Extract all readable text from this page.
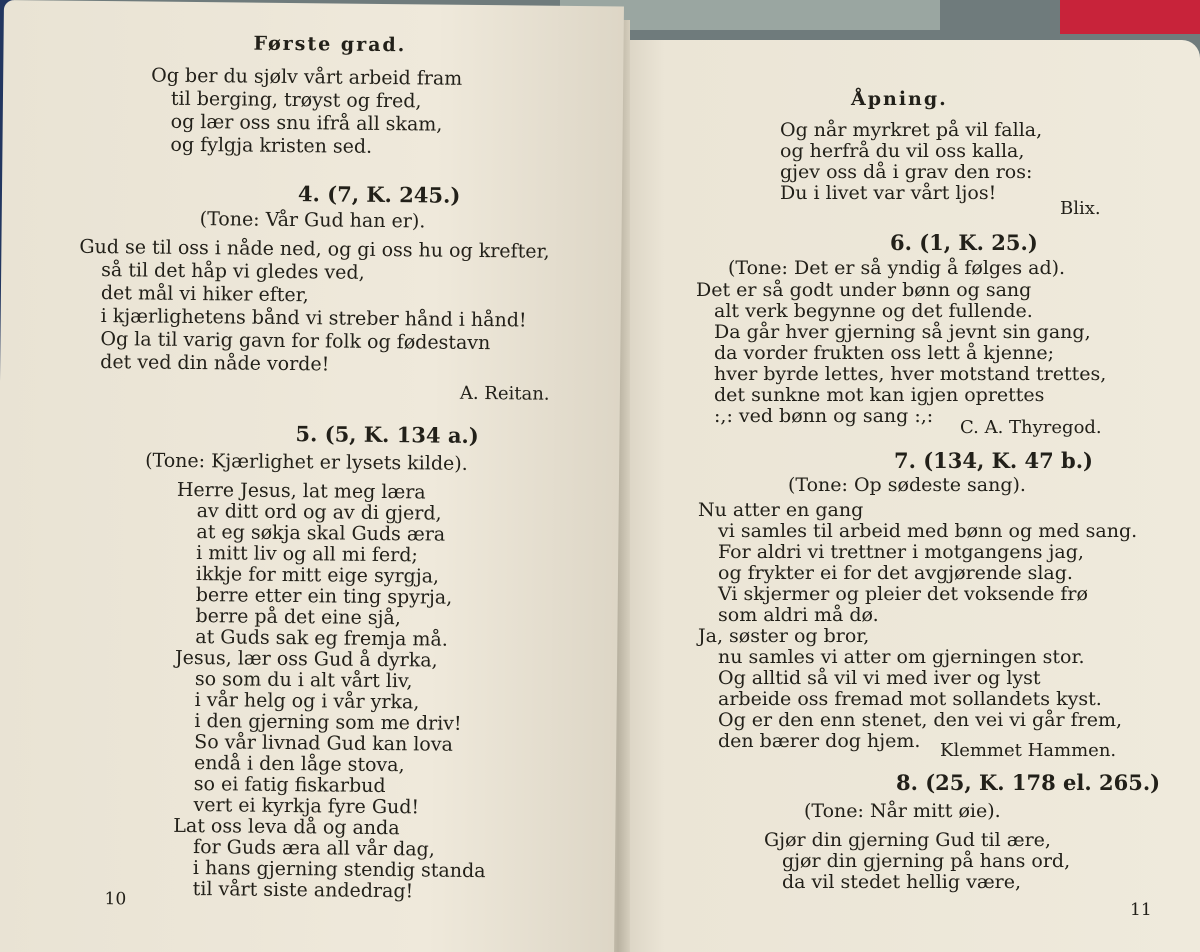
Åpning.
Og når myrkret på vil falla,
og herfrå du vil oss kalla,
gjev oss då i grav den ros:
Du i livet var vårt ljos!
Blix.
6. (1, K. 25.)
(Tone: Det er så yndig å følges ad).
Det er så godt under bønn og sang
alt verk begynne og det fullende.
Da går hver gjerning så jevnt sin gang,
da vorder frukten oss lett å kjenne;
hver byrde lettes, hver motstand trettes,
det sunkne mot kan igjen oprettes
:,: ved bønn og sang :,:
C. A. Thyregod.
7. (134, K. 47 b.)
(Tone: Op sødeste sang).
Nu atter en gang
vi samles til arbeid med bønn og med sang.
For aldri vi trettner i motgangens jag,
og frykter ei for det avgjørende slag.
Vi skjermer og pleier det voksende frø
som aldri må dø.
Ja, søster og bror,
nu samles vi atter om gjerningen stor.
Og alltid så vil vi med iver og lyst
arbeide oss fremad mot sollandets kyst.
Og er den enn stenet, den vei vi går frem,
den bærer dog hjem. Klemmet Hammen.
8. (25, K. 178 el. 265.)
(Tone: Når mitt øie).
Gjør din gjerning Gud til ære,
gjør din gjerning på hans ord,
da vil stedet hellig være,
11
Første grad.
Og ber du sjølv vårt arbeid fram
til berging, trøyst og fred,
og lær oss snu ifrå all skam,
og fylgja kristen sed.
4. (7, K. 245.)
(Tone: Vår Gud han er).
Gud se til oss i nåde ned, og gi oss hu og krefter,
så til det håp vi gledes ved,
det mål vi hiker efter,
i kjærlighetens bånd vi streber hånd i hånd!
Og la til varig gavn for folk og fødestavn
det ved din nåde vorde!
A. Reitan.
5. (5, K. 134 a.)
(Tone: Kjærlighet er lysets kilde).
Herre Jesus, lat meg læra
av ditt ord og av di gjerd,
at eg søkja skal Guds æra
i mitt liv og all mi ferd;
ikkje for mitt eige syrgja,
berre etter ein ting spyrja,
berre på det eine sjå,
at Guds sak eg fremja må.
Jesus, lær oss Gud å dyrka,
so som du i alt vårt liv,
i vår helg og i vår yrka,
i den gjerning som me driv!
So vår livnad Gud kan lova
endå i den låge stova,
so ei fatig fiskarbud
vert ei kyrkja fyre Gud!
Lat oss leva då og anda
for Guds æra all vår dag,
i hans gjerning stendig standa
til vårt siste andedrag!
10
